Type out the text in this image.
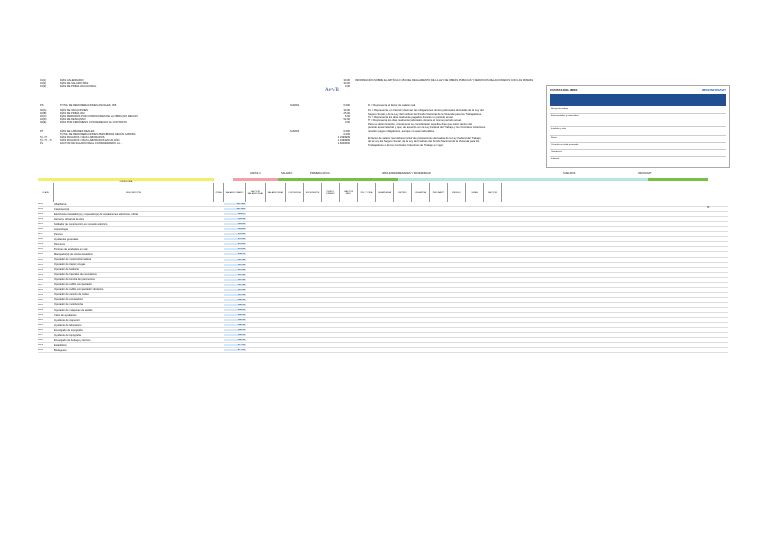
01(1)	DÍAS CALENDARIO	30.00
01(2)	DÍAS DE SALARIO BÁS.	30.00
01(3)	DÍAS DE PRIMA VACACIONAL	0.00
INFORMACIÓN SOBRE EL ARTÍCULO 154 DEL REGLAMENTO DE LA LEY DE OBRAS PÚBLICAS Y SERVICIOS RELACIONADOS CON LAS MISMAS
Ae∿Ɓ
PS	TOTAL DE REMUNERACIONES ANUALES, 365	SUMAS	0.000
02(A)	DÍAS DE VACACIONES	30.00
02(B)	DÍAS DE PRIMA VAC.	25.00
02(C)	DÍAS PERDIDOS POR CONDICIONES DE LA OBRA (NO RECUP.)	5.00
02(D)	DÍAS DE DESCANSO	52.00
02(E)	DÍAS POR FENÓMENO CON DERECHO AL CONTRATO	0.00
PT	DÍAS DE LABORES REALES	SUMAS	0.000
TOTAL DE REMUNERACIONES PERCIBIDAS SEGÚN LABORA	0.000
Tp / Ti	DÍAS PAGADOS / DÍAS LABORADOS	1.1999999
Tp / Ti - Ti	DÍAS PAGADOS / DÍAS LABORADOS EN UN AÑO	1.1999999
Ps	FACTOR DE SALARIO REAL CONSIDERANDO LA ...	1.6600000

Fi = Representa el factor de salario real.

Fs = Representa, en fracción decimal, las obligaciones obrero-patronales derivadas de la Ley del

Seguro Social y de la Ley del Instituto del Fondo Nacional de la Vivienda para los Trabajadores.

Tp = Representa los días realmente pagados durante un periodo anual.

Tl = Representa los días realmente laborados durante el mismo periodo anual.

Para su determinación, únicamente se considerarán aquellos días que estén dentro del

periodo anual referido y que, de acuerdo con la Ley Federal del Trabajo y los Contratos Colectivos,

resulten pagos obligatorios, aunque no sean laborables.

El factor de salario real deberá incluir las prestaciones derivadas de la Ley Federal del Trabajo,

de la Ley del Seguro Social, de la Ley del Instituto del Fondo Nacional de la Vivienda para los

Trabajadores o de los Contratos Colectivos de Trabajo en vigor.

CUOTAS DEL IMSS	IMSS/INFONAVIT
Riesgo de trabajo
Enfermedades y maternidad
Invalidez y vida
Retiro
Cesantía en edad avanzada
Guarderías
Infonavit
LIMITE 3	SALARIO	PRIMERA APLIC.	IMSS ENFERMEDADES Y MATERNIDAD	SUELDOS	INFONAVIT
CATEGORÍA
CLAVE	DESCRIPCIÓN	ZONA	SALARIO DIARIO	FACTOR SALARIO REAL	SALARIO REAL	CUOTA FIJA	EXCEDENTE	PREST. DINERO
GASTOS MED.	INV. Y VIDA	GUARDERÍA	RETIRO	CESANTÍA	INFONAVIT	RIESGO	SUMA	FACTOR
A-01	Albañilería	327.000
A-02	Carpintero(a)	327.000
A-03	Electricista instalador(a) y reparador(a) de instalaciones eléctricas, oficial	314.27
A-04	Herrería, oficial de la obra	311.40
A-05	Soldador de construcción en remedio eléctrico	316.85
A-06	Arqueología	314.80
A-07	Peones	278.60
A-08	Ayudantes generales	278.60
A-09	Plomeros	278.60
A-10	Pintores de acabados en vial	278.60
A-11	Manejador(a) de retroexcavadora	336.74
A-12	Operador de motoconformadora	307.48
A-13	Operador de tractor orugas	307.48
A-14	Operador de buldócer	307.48
A-15	Operador de trascabo de neumáticos	307.48
A-16	Operador de bomba de pavimentos	307.48
A-17	Operador de rodillo compactador	307.48
A-18	Operador de rodillo compactador vibratorio	307.48
A-19	Operador de camión de volteo	307.48
A-20	Operador de excavadora	300.56
A-21	Operador de motobomba	300.56
A-22	Operador de máquinas de asfalto	300.56
A-23	Cabo de ayudantes	300.56
A-24	Ayudante de inspector	300.56
A-25	Ayudante de laboratorio	300.56
A-26	Encargado de topografía	300.56
A-27	Ayudante de topografía	300.56
A-28	Encargado de bodega y técnico	300.56
A-29	Estadístico	277.00
A-30	Bodeguero	277.00
SI
